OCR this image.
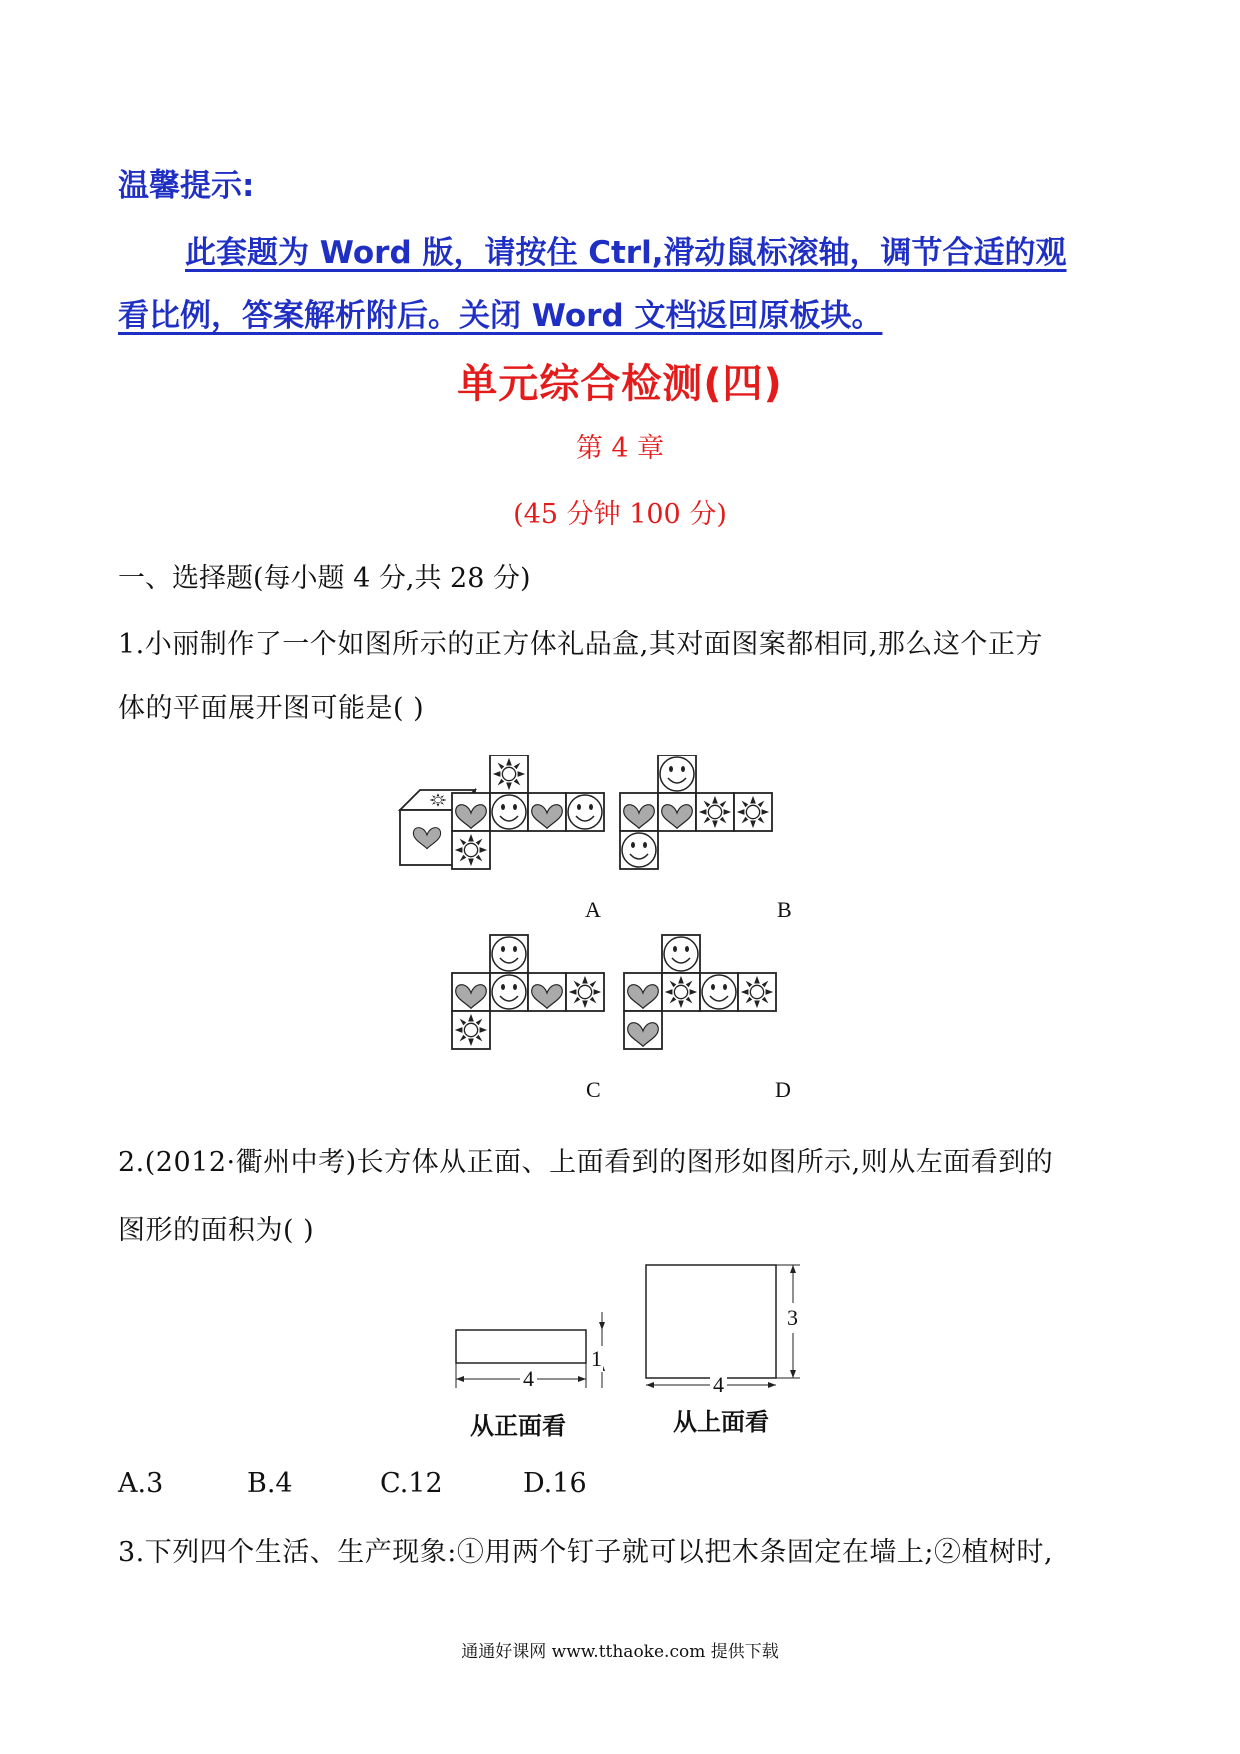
温馨提示:
此套题为 Word 版，请按住 Ctrl,滑动鼠标滚轴，调节合适的观
看比例，答案解析附后。关闭 Word 文档返回原板块。
单元综合检测(四)
第 4 章
(45 分钟 100 分)
一、选择题(每小题 4 分,共 28 分)
1.小丽制作了一个如图所示的正方体礼品盒,其对面图案都相同,那么这个正方
体的平面展开图可能是( )
A	B
C	D
2.(2012·衢州中考)长方体从正面、上面看到的图形如图所示,则从左面看到的
图形的面积为( )
1
4
从正面看
3
4
从上面看
A.3	B.4	C.12	D.16
3.下列四个生活、生产现象:①用两个钉子就可以把木条固定在墙上;②植树时,
通通好课网 www.tthaoke.com 提供下载
